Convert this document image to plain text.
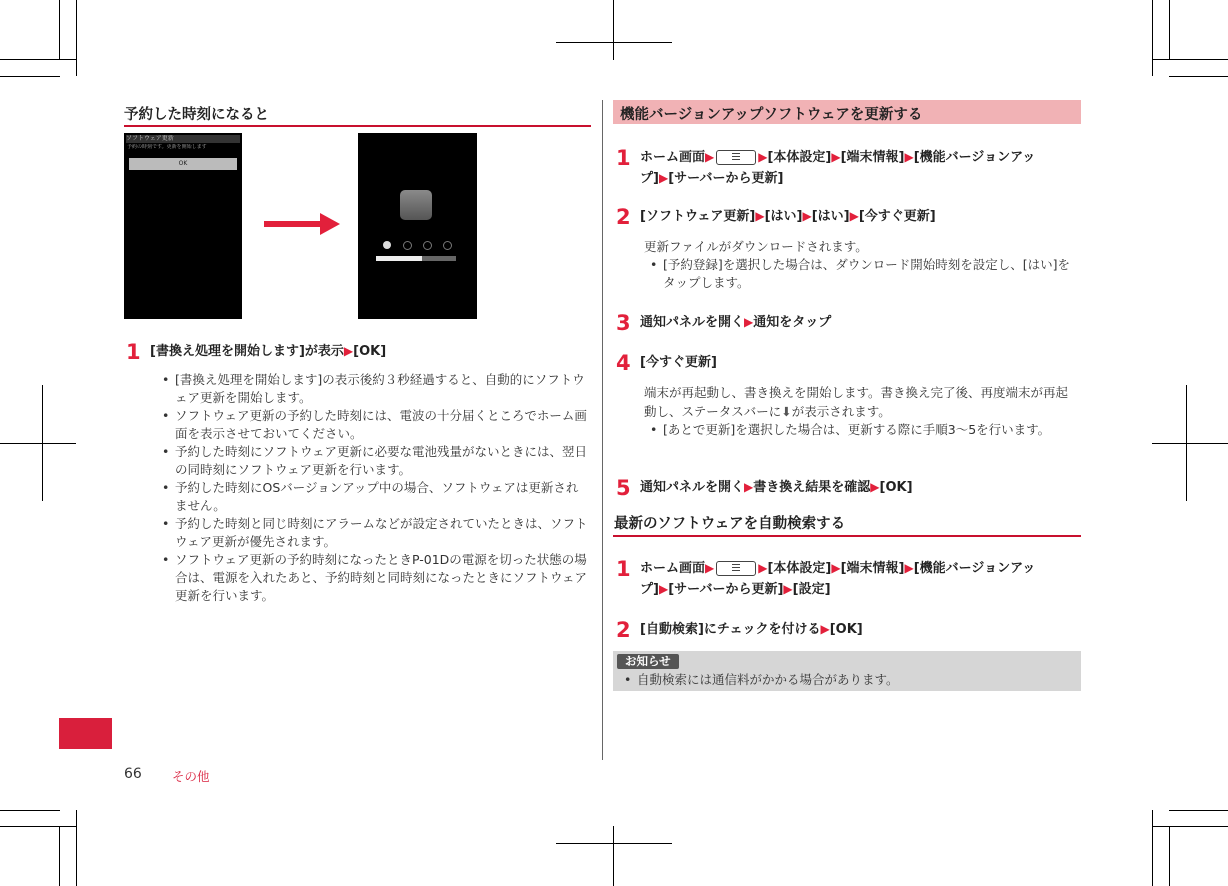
予約した時刻になると
ソフトウェア更新
予約の時刻です。更新を開始します
OK
1 [書換え処理を開始します]が表示▶[OK]
• [書換え処理を開始します]の表示後約３秒経過すると、自動的にソフトウェア更新を開始します。
• ソフトウェア更新の予約した時刻には、電波の十分届くところでホーム画面を表示させておいてください。
• 予約した時刻にソフトウェア更新に必要な電池残量がないときには、翌日の同時刻にソフトウェア更新を行います。
• 予約した時刻にOSバージョンアップ中の場合、ソフトウェアは更新されません。
• 予約した時刻と同じ時刻にアラームなどが設定されていたときは、ソフトウェア更新が優先されます。
• ソフトウェア更新の予約時刻になったときP-01Dの電源を切った状態の場合は、電源を入れたあと、予約時刻と同時刻になったときにソフトウェア更新を行います。
66 その他
機能バージョンアップソフトウェアを更新する
1 ホーム画面▶	▶[本体設定]▶[端末情報]▶[機能バージョンアップ]▶[サーバーから更新]
2 [ソフトウェア更新]▶[はい]▶[はい]▶[今すぐ更新]
更新ファイルがダウンロードされます。
• [予約登録]を選択した場合は、ダウンロード開始時刻を設定し、[はい]をタップします。
3 通知パネルを開く▶通知をタップ
4 [今すぐ更新]
端末が再起動し、書き換えを開始します。書き換え完了後、再度端末が再起動し、ステータスバーに⬇が表示されます。
• [あとで更新]を選択した場合は、更新する際に手順3～5を行います。
5 通知パネルを開く▶書き換え結果を確認▶[OK]
最新のソフトウェアを自動検索する
1 ホーム画面▶	▶[本体設定]▶[端末情報]▶[機能バージョンアップ]▶[サーバーから更新]▶[設定]
2 [自動検索]にチェックを付ける▶[OK]
お知らせ
• 自動検索には通信料がかかる場合があります。
